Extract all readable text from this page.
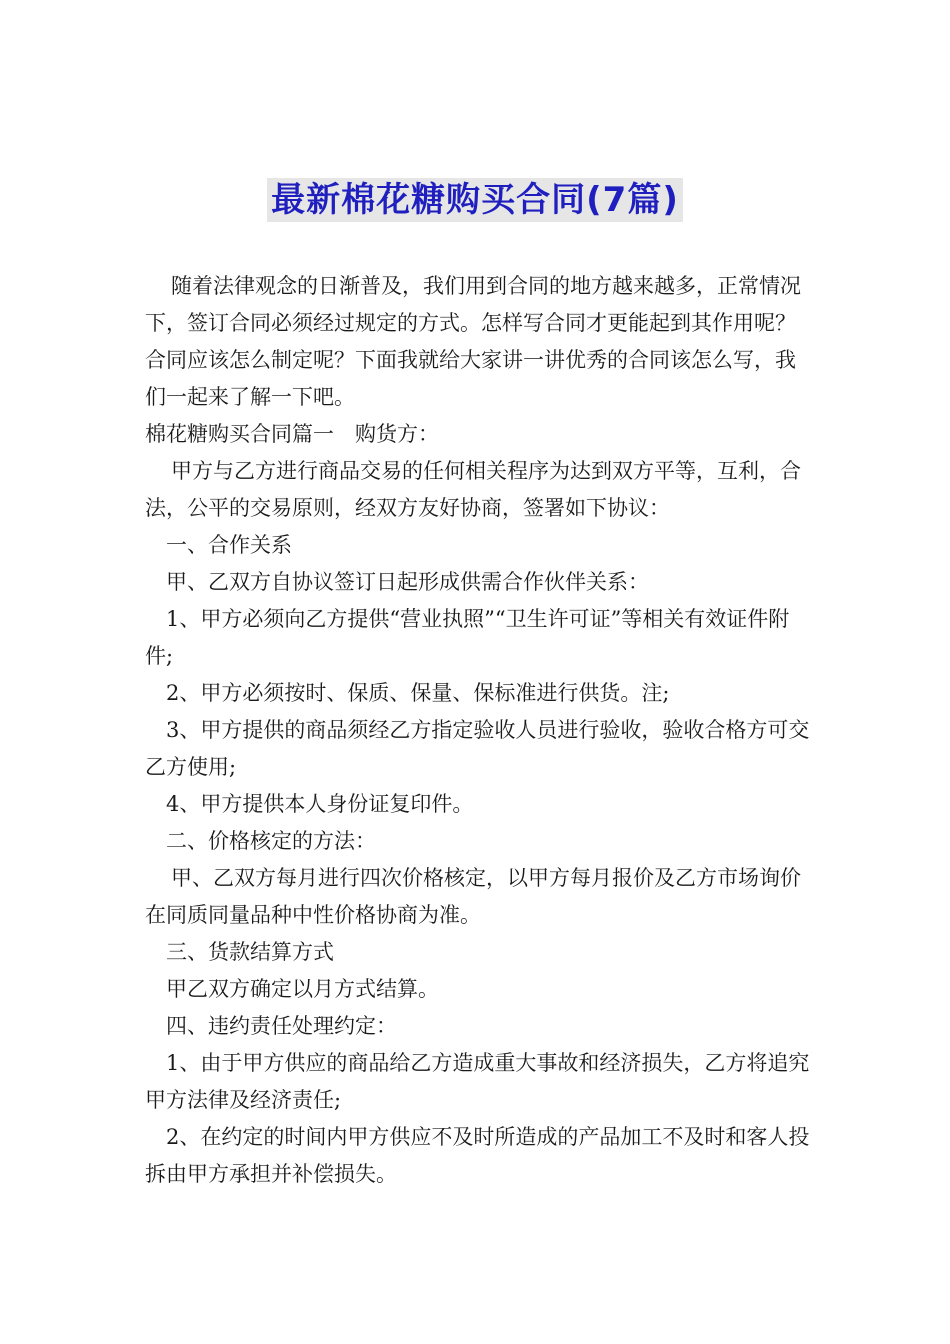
最新棉花糖购买合同(7篇)

随着法律观念的日渐普及，我们用到合同的地方越来越多，正常情况下，签订合同必须经过规定的方式。怎样写合同才更能起到其作用呢？合同应该怎么制定呢？下面我就给大家讲一讲优秀的合同该怎么写，我们一起来了解一下吧。

棉花糖购买合同篇一　购货方：

甲方与乙方进行商品交易的任何相关程序为达到双方平等，互利，合法，公平的交易原则，经双方友好协商，签署如下协议：

一、合作关系

甲、乙双方自协议签订日起形成供需合作伙伴关系：

1、甲方必须向乙方提供“营业执照”“卫生许可证”等相关有效证件附件;

2、甲方必须按时、保质、保量、保标准进行供货。注;

3、甲方提供的商品须经乙方指定验收人员进行验收，验收合格方可交乙方使用;

4、甲方提供本人身份证复印件。

二、价格核定的方法：

甲、乙双方每月进行四次价格核定，以甲方每月报价及乙方市场询价在同质同量品种中性价格协商为准。

三、货款结算方式

甲乙双方确定以月方式结算。

四、违约责任处理约定：

1、由于甲方供应的商品给乙方造成重大事故和经济损失，乙方将追究甲方法律及经济责任;

2、在约定的时间内甲方供应不及时所造成的产品加工不及时和客人投拆由甲方承担并补偿损失。
